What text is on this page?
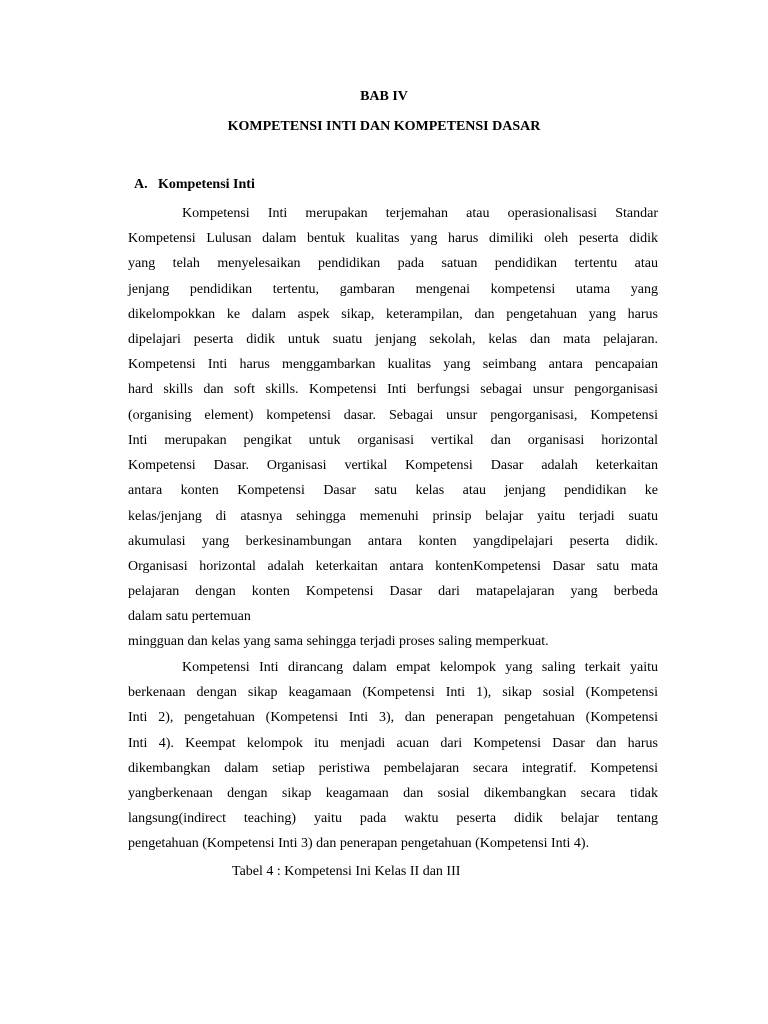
BAB IV
KOMPETENSI INTI DAN KOMPETENSI DASAR
A. Kompetensi Inti
Kompetensi Inti merupakan terjemahan atau operasionalisasi Standar
Kompetensi Lulusan dalam bentuk kualitas yang harus dimiliki oleh peserta didik
yang telah menyelesaikan pendidikan pada satuan pendidikan tertentu atau
jenjang pendidikan tertentu, gambaran mengenai kompetensi utama yang
dikelompokkan ke dalam aspek sikap, keterampilan, dan pengetahuan yang harus
dipelajari peserta didik untuk suatu jenjang sekolah, kelas dan mata pelajaran.
Kompetensi Inti harus menggambarkan kualitas yang seimbang antara pencapaian
hard skills dan soft skills. Kompetensi Inti berfungsi sebagai unsur pengorganisasi
(organising element) kompetensi dasar. Sebagai unsur pengorganisasi, Kompetensi
Inti merupakan pengikat untuk organisasi vertikal dan organisasi horizontal
Kompetensi Dasar. Organisasi vertikal Kompetensi Dasar adalah keterkaitan
antara konten Kompetensi Dasar satu kelas atau jenjang pendidikan ke
kelas/jenjang di atasnya sehingga memenuhi prinsip belajar yaitu terjadi suatu
akumulasi yang berkesinambungan antara konten yangdipelajari peserta didik.
Organisasi horizontal adalah keterkaitan antara kontenKompetensi Dasar satu mata
pelajaran dengan konten Kompetensi Dasar dari matapelajaran yang berbeda
dalam satu pertemuan
mingguan dan kelas yang sama sehingga terjadi proses saling memperkuat.
Kompetensi Inti dirancang dalam empat kelompok yang saling terkait yaitu
berkenaan dengan sikap keagamaan (Kompetensi Inti 1), sikap sosial (Kompetensi
Inti 2), pengetahuan (Kompetensi Inti 3), dan penerapan pengetahuan (Kompetensi
Inti 4). Keempat kelompok itu menjadi acuan dari Kompetensi Dasar dan harus
dikembangkan dalam setiap peristiwa pembelajaran secara integratif. Kompetensi
yangberkenaan dengan sikap keagamaan dan sosial dikembangkan secara tidak
langsung(indirect teaching) yaitu pada waktu peserta didik belajar tentang
pengetahuan (Kompetensi Inti 3) dan penerapan pengetahuan (Kompetensi Inti 4).
Tabel 4 : Kompetensi Ini Kelas II dan III
